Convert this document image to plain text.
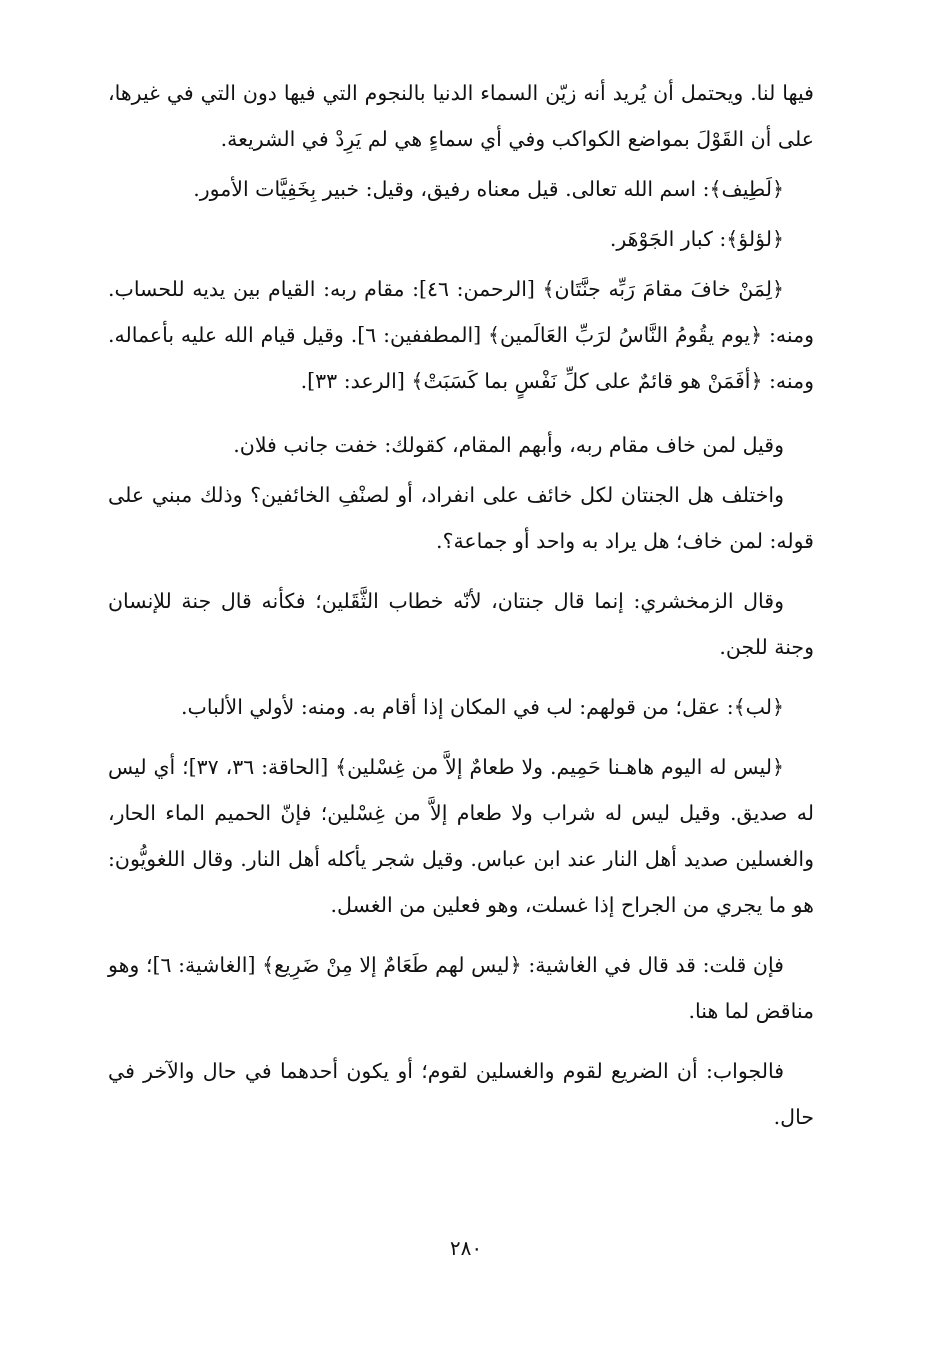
فيها لنا. ويحتمل أن يُريد أنه زيّن السماء الدنيا بالنجوم التي فيها دون التي في غيرها، على أن القَوْلَ بمواضع الكواكب وفي أي سماءٍ هي لم يَرِدْ في الشريعة.

﴿لَطِيف﴾: اسم الله تعالى. قيل معناه رفيق، وقيل: خبير بِخَفِيَّات الأمور.

﴿لؤلؤ﴾: كبار الجَوْهَر.

﴿لِمَنْ خافَ مقامَ رَبِّه جنَّتَان﴾ [الرحمن: ٤٦]: مقام ربه: القيام بين يديه للحساب. ومنه: ﴿يوم يقُومُ النَّاسُ لرَبِّ العَالَمين﴾ [المطففين: ٦]. وقيل قيام الله عليه بأعماله. ومنه: ﴿أفَمَنْ هو قائمٌ على كلِّ نَفْسٍ بما كَسَبَتْ﴾ [الرعد: ٣٣].

وقيل لمن خاف مقام ربه، وأبهم المقام، كقولك: خفت جانب فلان.

واختلف هل الجنتان لكل خائف على انفراد، أو لصنْفِ الخائفين؟ وذلك مبني على قوله: لمن خاف؛ هل يراد به واحد أو جماعة؟.

وقال الزمخشري: إنما قال جنتان، لأنّه خطاب الثَّقَلين؛ فكأنه قال جنة للإنسان وجنة للجن.

﴿لب﴾: عقل؛ من قولهم: لب في المكان إذا أقام به. ومنه: لأولي الألباب.

﴿ليس له اليوم هاهـنا حَمِيم. ولا طعامٌ إلاَّ من غِسْلين﴾ [الحاقة: ٣٦، ٣٧]؛ أي ليس له صديق. وقيل ليس له شراب ولا طعام إلاَّ من غِسْلين؛ فإنّ الحميم الماء الحار، والغسلين صديد أهل النار عند ابن عباس. وقيل شجر يأكله أهل النار. وقال اللغويُّون: هو ما يجري من الجراح إذا غسلت، وهو فعلين من الغسل.

فإن قلت: قد قال في الغاشية: ﴿ليس لهم طَعَامٌ إلا مِنْ ضَرِيع﴾ [الغاشية: ٦]؛ وهو مناقض لما هنا.

فالجواب: أن الضريع لقوم والغسلين لقوم؛ أو يكون أحدهما في حال والآخر في حال.

٢٨٠
